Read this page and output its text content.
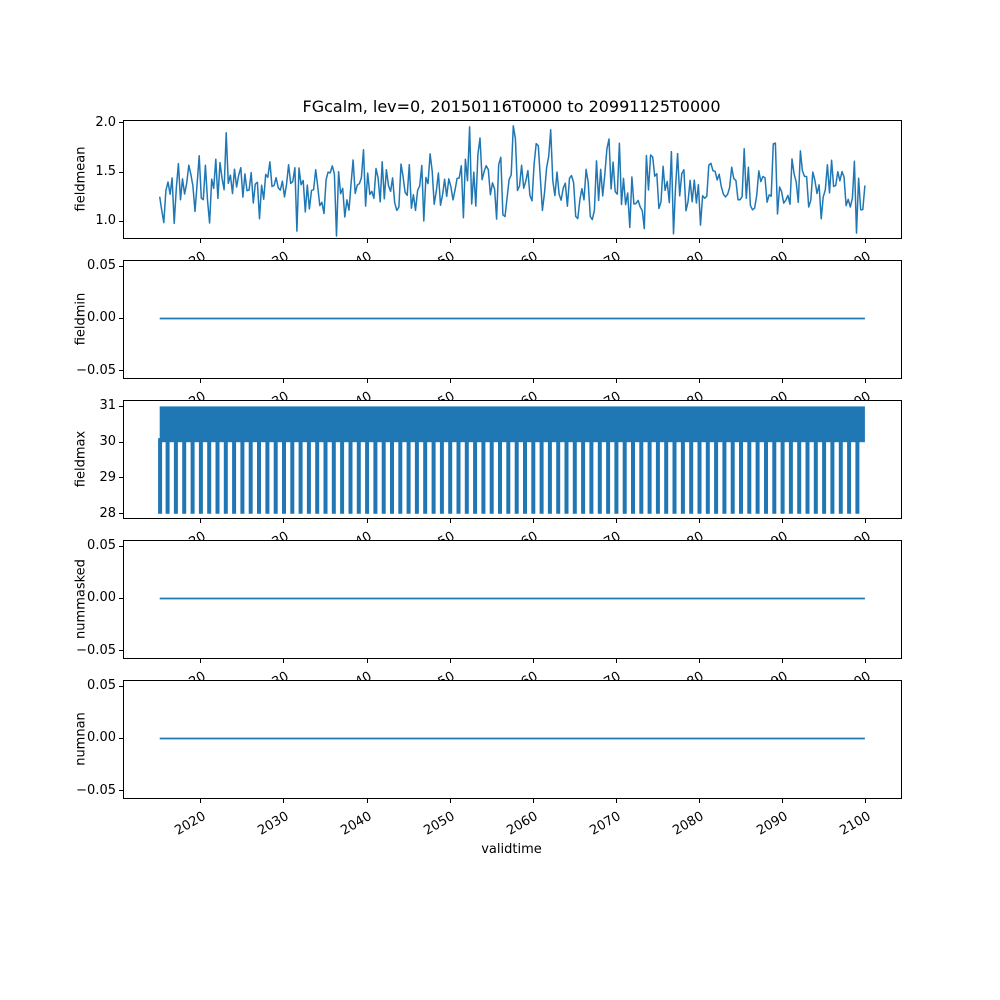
FGcalm, lev=0, 20150116T0000 to 20991125T0000
fieldmean
1.0
1.5
2.0
fieldmin
−0.05
0.00
0.05
fieldmax
28
29
30
31
nummasked
−0.05
0.00
0.05
numnan
−0.05
0.00
0.05
2020	2030	2040	2050	2060	2070	2080	2090	2100
validtime
